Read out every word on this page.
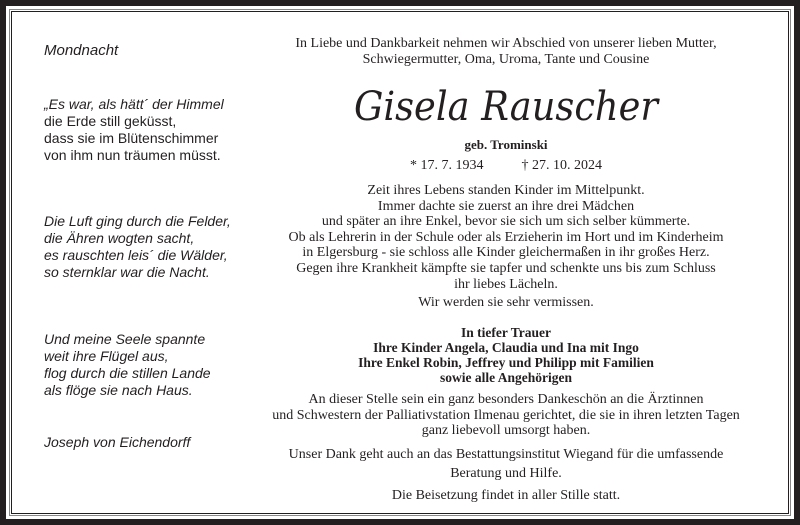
Mondnacht
„Es war, als hätt´ der Himmel
die Erde still geküsst,
dass sie im Blütenschimmer
von ihm nun träumen müsst.
Die Luft ging durch die Felder,
die Ähren wogten sacht,
es rauschten leis´ die Wälder,
so sternklar war die Nacht.
Und meine Seele spannte
weit ihre Flügel aus,
flog durch die stillen Lande
als flöge sie nach Haus.
Joseph von Eichendorff
In Liebe und Dankbarkeit nehmen wir Abschied von unserer lieben Mutter,
Schwiegermutter, Oma, Uroma, Tante und Cousine
Gisela Rauscher
geb. Trominski
* 17. 7. 1934	† 27. 10. 2024
Zeit ihres Lebens standen Kinder im Mittelpunkt.
Immer dachte sie zuerst an ihre drei Mädchen
und später an ihre Enkel, bevor sie sich um sich selber kümmerte.
Ob als Lehrerin in der Schule oder als Erzieherin im Hort und im Kinderheim
in Elgersburg - sie schloss alle Kinder gleichermaßen in ihr großes Herz.
Gegen ihre Krankheit kämpfte sie tapfer und schenkte uns bis zum Schluss
ihr liebes Lächeln.
Wir werden sie sehr vermissen.
In tiefer Trauer
Ihre Kinder Angela, Claudia und Ina mit Ingo
Ihre Enkel Robin, Jeffrey und Philipp mit Familien
sowie alle Angehörigen
An dieser Stelle sein ein ganz besonders Dankeschön an die Ärztinnen
und Schwestern der Palliativstation Ilmenau gerichtet, die sie in ihren letzten Tagen
ganz liebevoll umsorgt haben.
Unser Dank geht auch an das Bestattungsinstitut Wiegand für die umfassende
Beratung und Hilfe.
Die Beisetzung findet in aller Stille statt.
